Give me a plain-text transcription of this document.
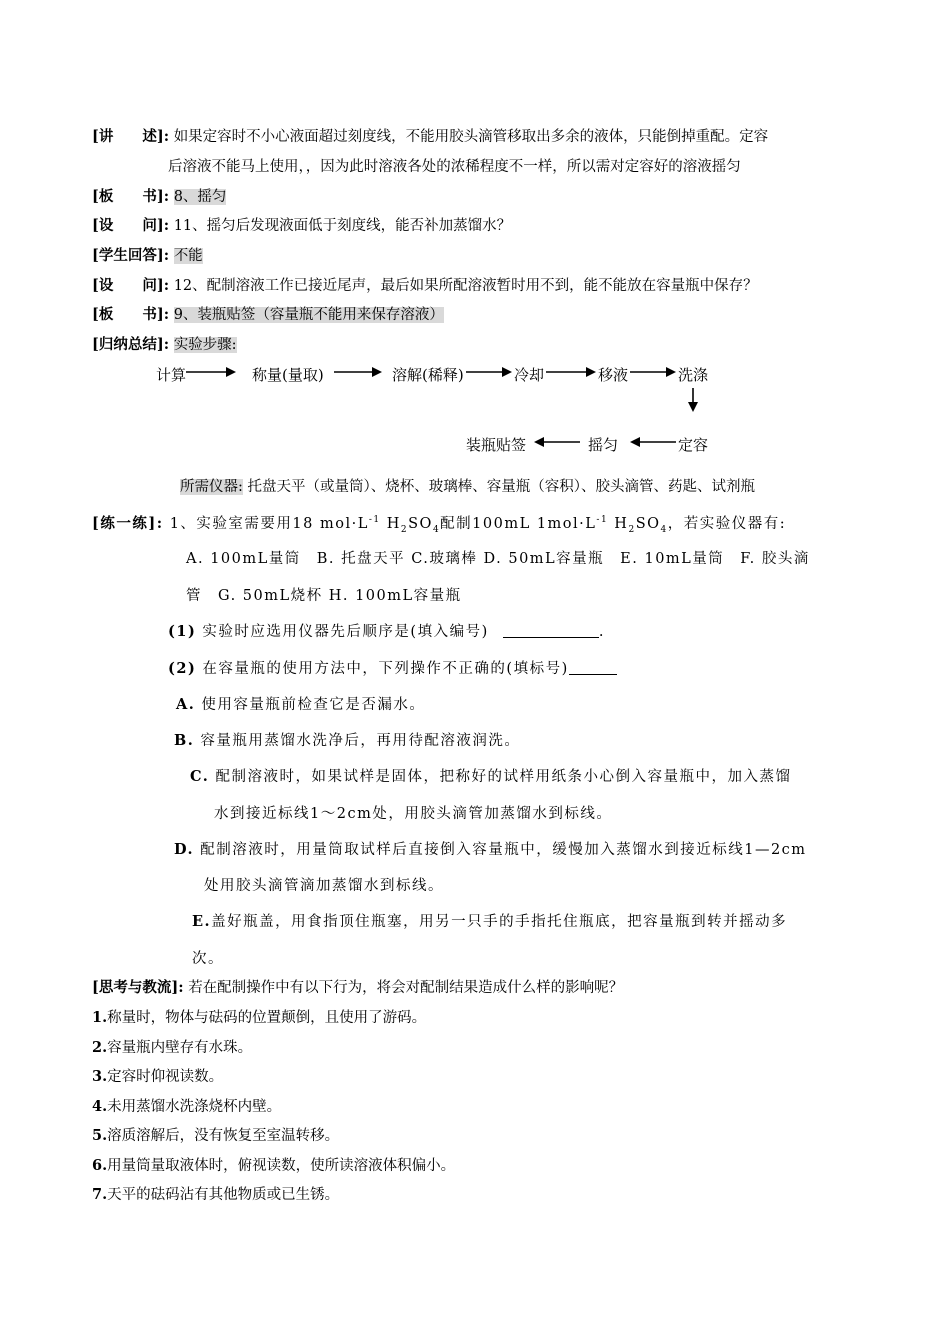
[讲　　述]: 如果定容时不小心液面超过刻度线，不能用胶头滴管移取出多余的液体，只能倒掉重配。定容
后溶液不能马上使用，，因为此时溶液各处的浓稀程度不一样，所以需对定容好的溶液摇匀
[板　　书]: 8、摇匀
[设　　问]: 11、摇匀后发现液面低于刻度线，能否补加蒸馏水？
[学生回答]: 不能
[设　　问]: 12、配制溶液工作已接近尾声，最后如果所配溶液暂时用不到，能不能放在容量瓶中保存？
[板　　书]: 9、装瓶贴签（容量瓶不能用来保存溶液）
[归纳总结]: 实验步骤:
计算	称量(量取)	溶解(稀释)	冷却	移液	洗涤
定容
摇匀
装瓶贴签
所需仪器: 托盘天平（或量筒）、烧杯、玻璃棒、容量瓶（容积）、胶头滴管、药匙、试剂瓶
[练一练]: 1、实验室需要用18 $mol\cdot L^{-1}$ $H_2SO_4$配制100mL $1mol\cdot L^{-1}$ $H_2SO_4$，若实验仪器有:
A. 100mL量筒　B. 托盘天平 C.玻璃棒 D. 50mL容量瓶　E. 10mL量筒　F. 胶头滴
管　G. 50mL烧杯 H. 100mL容量瓶
(1) 实验时应选用仪器先后顺序是(填入编号)	.
(2) 在容量瓶的使用方法中，下列操作不正确的(填标号)
A. 使用容量瓶前检查它是否漏水。
B. 容量瓶用蒸馏水洗净后，再用待配溶液润洗。
C. 配制溶液时，如果试样是固体，把称好的试样用纸条小心倒入容量瓶中，加入蒸馏
水到接近标线1～2cm处，用胶头滴管加蒸馏水到标线。
D. 配制溶液时，用量筒取试样后直接倒入容量瓶中，缓慢加入蒸馏水到接近标线1—2cm
处用胶头滴管滴加蒸馏水到标线。
E.盖好瓶盖，用食指顶住瓶塞，用另一只手的手指托住瓶底，把容量瓶到转并摇动多
次。
[思考与教流]: 若在配制操作中有以下行为，将会对配制结果造成什么样的影响呢？
1.称量时，物体与砝码的位置颠倒，且使用了游码。
2.容量瓶内壁存有水珠。
3.定容时仰视读数。
4.未用蒸馏水洗涤烧杯内壁。
5.溶质溶解后，没有恢复至室温转移。
6.用量筒量取液体时，俯视读数，使所读溶液体积偏小。
7.天平的砝码沾有其他物质或已生锈。
